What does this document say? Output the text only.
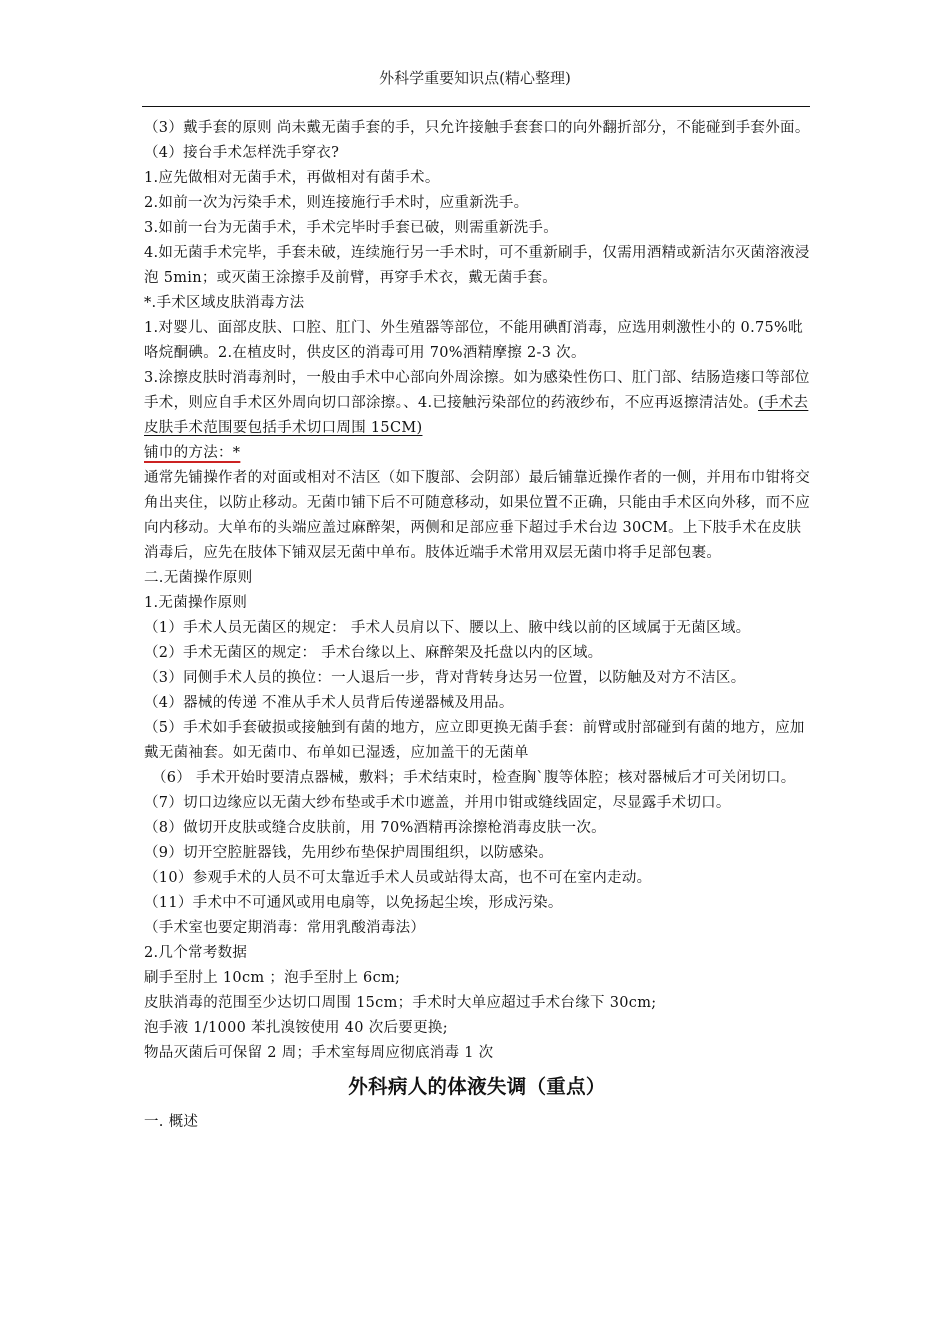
外科学重要知识点(精心整理)

（3）戴手套的原则 尚未戴无菌手套的手，只允许接触手套套口的向外翻折部分，不能碰到手套外面。

（4）接台手术怎样洗手穿衣?

1.应先做相对无菌手术，再做相对有菌手术。

2.如前一次为污染手术，则连接施行手术时，应重新洗手。

3.如前一台为无菌手术，手术完毕时手套已破，则需重新洗手。

4.如无菌手术完毕，手套未破，连续施行另一手术时，可不重新刷手，仅需用酒精或新洁尔灭菌溶液浸泡 5min；或灭菌王涂擦手及前臂，再穿手术衣，戴无菌手套。

*.手术区域皮肤消毒方法

1.对婴儿、面部皮肤、口腔、肛门、外生殖器等部位，不能用碘酊消毒，应选用刺激性小的 0.75%吡咯烷酮碘。2.在植皮时，供皮区的消毒可用 70%酒精摩擦 2-3 次。

3.涂擦皮肤时消毒剂时，一般由手术中心部向外周涂擦。如为感染性伤口、肛门部、结肠造瘘口等部位手术，则应自手术区外周向切口部涂擦。、4.已接触污染部位的药液纱布，不应再返擦清洁处。(手术去皮肤手术范围要包括手术切口周围 15CM)

铺巾的方法：*

通常先铺操作者的对面或相对不洁区（如下腹部、会阴部）最后铺靠近操作者的一侧，并用布巾钳将交角出夹住，以防止移动。无菌巾铺下后不可随意移动，如果位置不正确，只能由手术区向外移，而不应向内移动。大单布的头端应盖过麻醉架，两侧和足部应垂下超过手术台边 30CM。上下肢手术在皮肤消毒后，应先在肢体下铺双层无菌中单布。肢体近端手术常用双层无菌巾将手足部包裹。

二.无菌操作原则

1.无菌操作原则

（1）手术人员无菌区的规定： 手术人员肩以下、腰以上、腋中线以前的区域属于无菌区域。

（2）手术无菌区的规定： 手术台缘以上、麻醉架及托盘以内的区域。

（3）同侧手术人员的换位：一人退后一步，背对背转身达另一位置，以防触及对方不洁区。

（4）器械的传递 不准从手术人员背后传递器械及用品。

（5）手术如手套破损或接触到有菌的地方，应立即更换无菌手套：前臂或肘部碰到有菌的地方，应加戴无菌袖套。如无菌巾、布单如已湿透，应加盖干的无菌单

（6） 手术开始时要清点器械，敷料；手术结束时，检查胸`腹等体腔；核对器械后才可关闭切口。

（7）切口边缘应以无菌大纱布垫或手术巾遮盖，并用巾钳或缝线固定，尽显露手术切口。

（8）做切开皮肤或缝合皮肤前，用 70%酒精再涂擦枪消毒皮肤一次。

（9）切开空腔脏器钱，先用纱布垫保护周围组织，以防感染。

（10）参观手术的人员不可太靠近手术人员或站得太高，也不可在室内走动。

（11）手术中不可通风或用电扇等，以免扬起尘埃，形成污染。

（手术室也要定期消毒：常用乳酸消毒法）

2.几个常考数据

刷手至肘上 10cm ；泡手至肘上 6cm;

皮肤消毒的范围至少达切口周围 15cm；手术时大单应超过手术台缘下 30cm;

泡手液 1/1000 苯扎溴铵使用 40 次后要更换;

物品灭菌后可保留 2 周；手术室每周应彻底消毒 1 次

外科病人的体液失调（重点）

一. 概述
